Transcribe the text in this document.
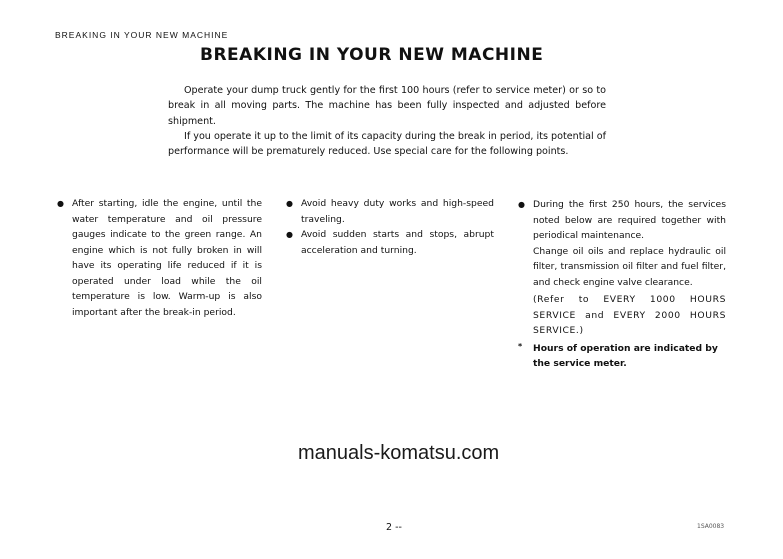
BREAKING IN YOUR NEW MACHINE
BREAKING IN YOUR NEW MACHINE

Operate your dump truck gently for the first 100 hours (refer to service meter) or so to break in all moving parts. The machine has been fully inspected and adjusted before shipment.

If you operate it up to the limit of its capacity during the break in period, its potential of performance will be prematurely reduced. Use special care for the following points.

● After starting, idle the engine, until the water temperature and oil pressure gauges indicate to the green range. An engine which is not fully broken in will have its operating life reduced if it is operated under load while the oil temperature is low. Warm-up is also important after the break-in period.
● Avoid heavy duty works and high-speed traveling.
● Avoid sudden starts and stops, abrupt acceleration and turning.
● During the first 250 hours, the services noted below are required together with periodical maintenance.

Change oil oils and replace hydraulic oil filter, transmission oil filter and fuel filter, and check engine valve clearance.

(Refer to EVERY 1000 HOURS SERVICE and EVERY 2000 HOURS SERVICE.)

* Hours of operation are indicated by the service meter.
manuals-komatsu.com
2 --	1SA0083
